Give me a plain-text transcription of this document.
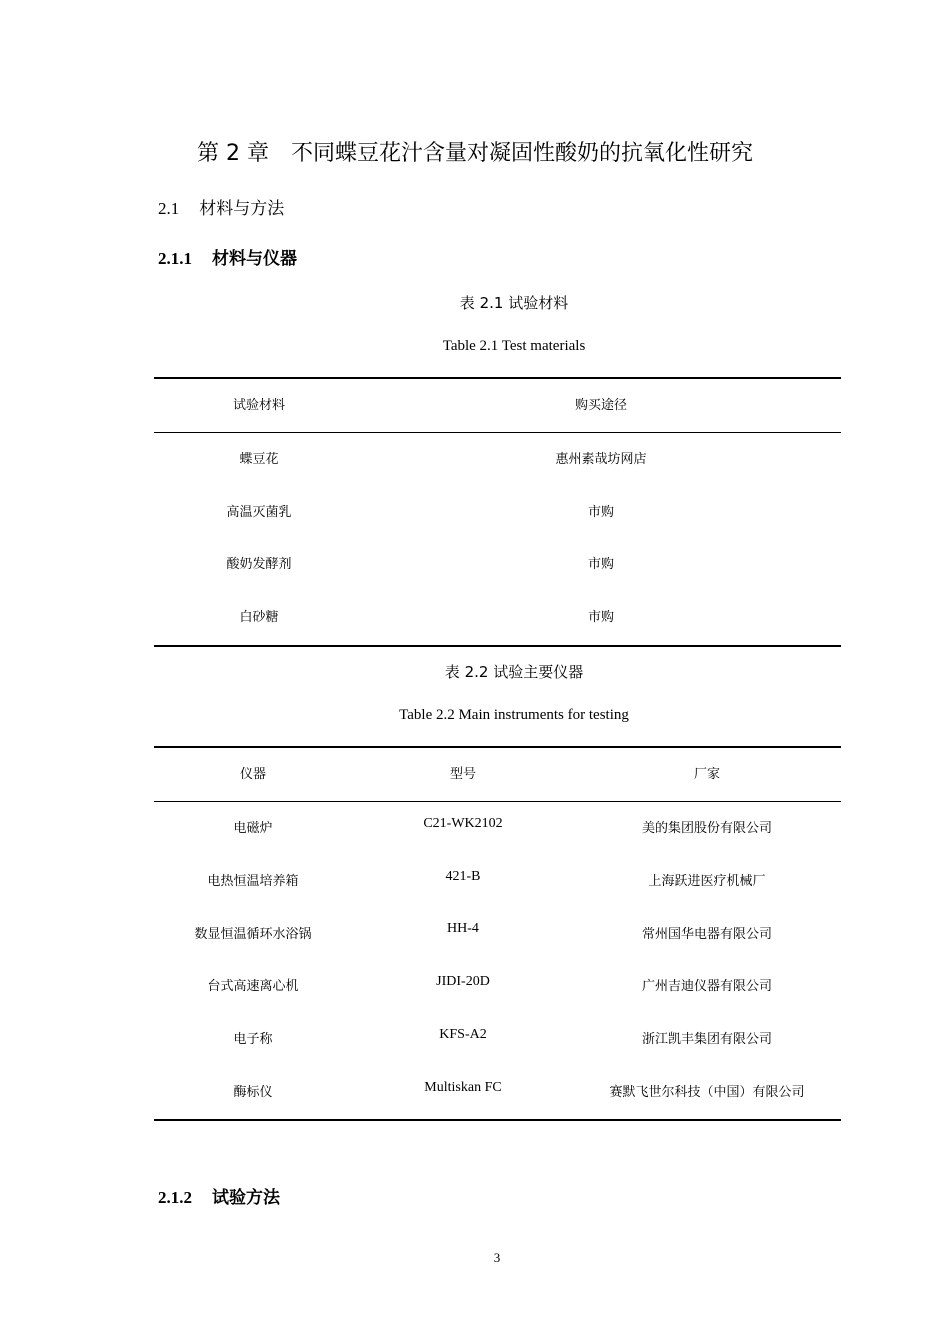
第 2 章　不同蝶豆花汁含量对凝固性酸奶的抗氧化性研究
2.1 材料与方法
2.1.1 材料与仪器
表 2.1 试验材料
Table 2.1 Test materials
试验材料	购买途径
蝶豆花	惠州素哉坊网店
高温灭菌乳	市购
酸奶发酵剂	市购
白砂糖	市购
表 2.2 试验主要仪器
Table 2.2 Main instruments for testing
仪器	型号	厂家
电磁炉	C21-WK2102	美的集团股份有限公司
电热恒温培养箱	421-B	上海跃进医疗机械厂
数显恒温循环水浴锅	HH-4	常州国华电器有限公司
台式高速离心机	JIDI-20D	广州吉迪仪器有限公司
电子称	KFS-A2	浙江凯丰集团有限公司
酶标仪	Multiskan FC	赛默飞世尔科技（中国）有限公司
2.1.2 试验方法
3
